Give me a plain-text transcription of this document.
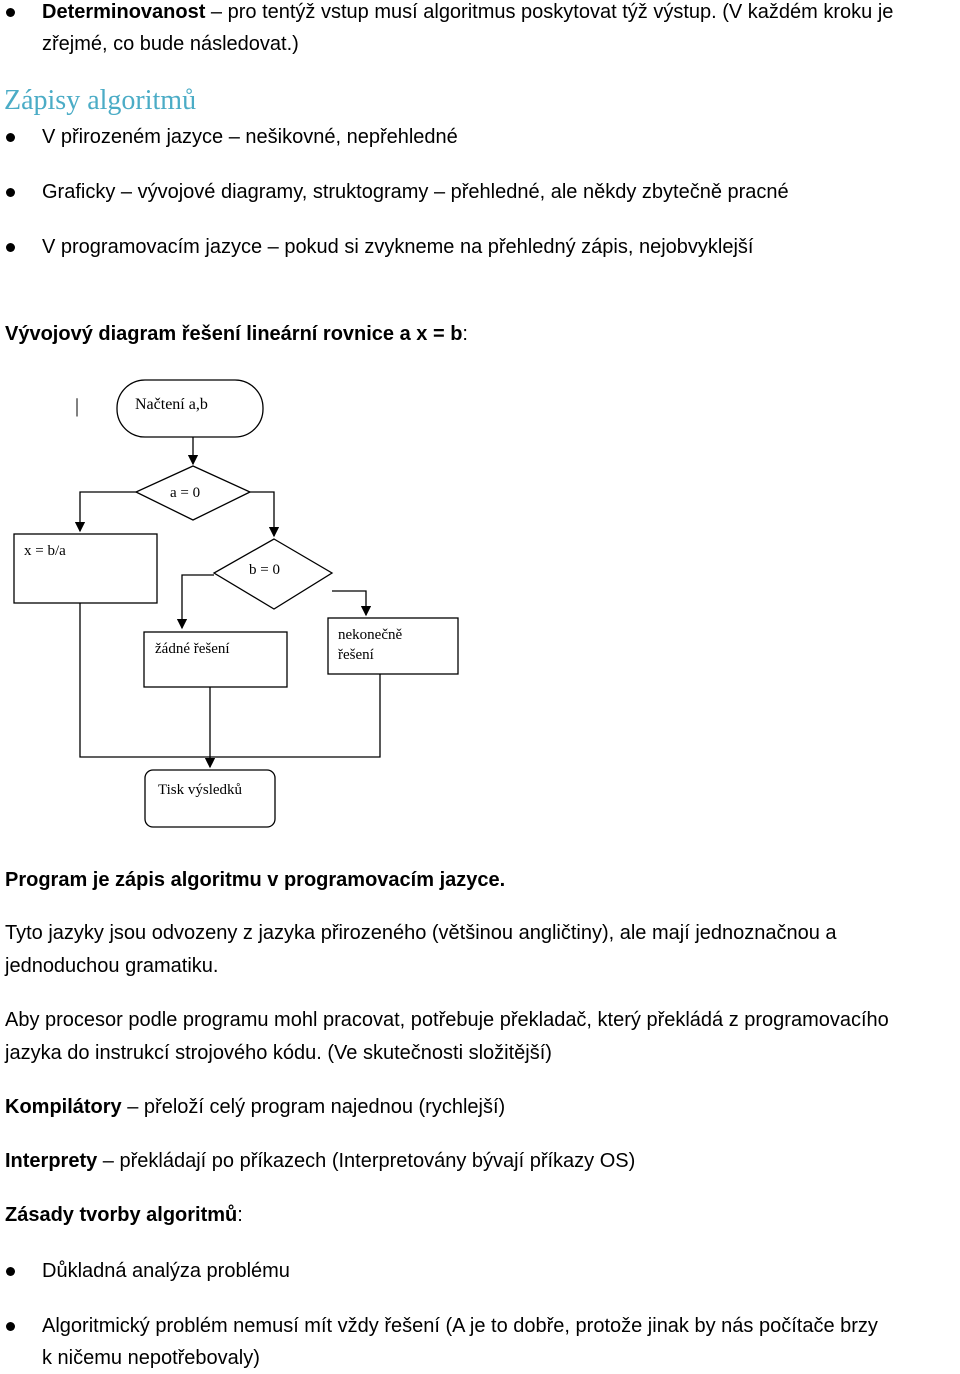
Determinovanost – pro tentýž vstup musí algoritmus poskytovat týž výstup. (V každém kroku je
zřejmé, co bude následovat.)
Zápisy algoritmů
V přirozeném jazyce – nešikovné, nepřehledné
Graficky – vývojové diagramy, struktogramy – přehledné, ale někdy zbytečně pracné
V programovacím jazyce – pokud si zvykneme na přehledný zápis, nejobvyklejší
Vývojový diagram řešení lineární rovnice a x = b:
|	Načtení a,b
a = 0
x = b/a
b = 0
žádné řešení
nekonečně
řešení
Tisk výsledků
Program je zápis algoritmu v programovacím jazyce.
Tyto jazyky jsou odvozeny z jazyka přirozeného (většinou angličtiny), ale mají jednoznačnou a
jednoduchou gramatiku.
Aby procesor podle programu mohl pracovat, potřebuje překladač, který překládá z programovacího
jazyka do instrukcí strojového kódu. (Ve skutečnosti složitější)
Kompilátory – přeloží celý program najednou (rychlejší)
Interprety – překládají po příkazech (Interpretovány bývají příkazy OS)
Zásady tvorby algoritmů:
Důkladná analýza problému
Algoritmický problém nemusí mít vždy řešení (A je to dobře, protože jinak by nás počítače brzy
k ničemu nepotřebovaly)
